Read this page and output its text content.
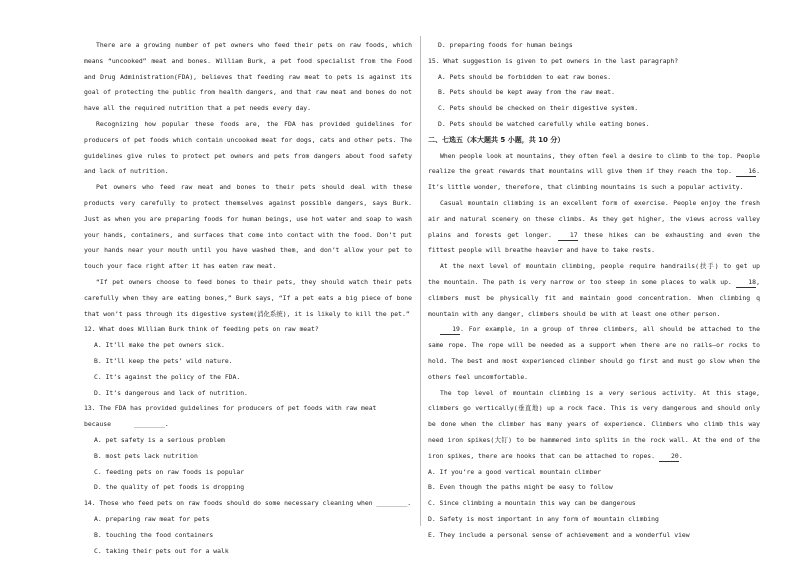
There are a growing number of pet owners who feed their pets on raw foods, which means “uncooked” meat and bones. William Burk, a pet food specialist from the Food and Drug Administration(FDA), believes that feeding raw meat to pets is against its goal of protecting the public from health dangers, and that raw meat and bones do not have all the required nutrition that a pet needs every day.

Recognizing how popular these foods are, the FDA has provided guidelines for producers of pet foods which contain uncooked meat for dogs, cats and other pets. The guidelines give rules to protect pet owners and pets from dangers about food safety and lack of nutrition.

Pet owners who feed raw meat and bones to their pets should deal with these products very carefully to protect themselves against possible dangers, says Burk. Just as when you are preparing foods for human beings, use hot water and soap to wash your hands, containers, and surfaces that come into contact with the food. Don’t put your hands near your mouth until you have washed them, and don’t allow your pet to touch your face right after it has eaten raw meat.

“If pet owners choose to feed bones to their pets, they should watch their pets carefully when they are eating bones,” Burk says, “If a pet eats a big piece of bone that won’t pass through its digestive system(消化系统), it is likely to kill the pet.”

12. What does William Burk think of feeding pets on raw meat?

A. It’ll make the pet owners sick.

B. It’ll keep the pets’ wild nature.

C. It’s against the policy of the FDA.

D. It’s dangerous and lack of nutrition.

13. The FDA has provided guidelines for producers of pet foods with raw meat

because	________.

A. pet safety is a serious problem

B. most pets lack nutrition

C. feeding pets on raw foods is popular

D. the quality of pet foods is dropping

14. Those who feed pets on raw foods should do some necessary cleaning when ________.

A. preparing raw meat for pets

B. touching the food containers

C. taking their pets out for a walk

D. preparing foods for human beings

15. What suggestion is given to pet owners in the last paragraph?

A. Pets should be forbidden to eat raw bones.

B. Pets should be kept away from the raw meat.

C. Pets should be checked on their digestive system.

D. Pets should be watched carefully while eating bones.

二、七选五（本大题共 5 小题，共 10 分）

When people look at mountains, they often feel a desire to climb to the top. People realize the great rewards that mountains will give them if they reach the top.	16. It’s little wonder, therefore, that climbing mountains is such a popular activity.

Casual mountain climbing is an excellent form of exercise. People enjoy the fresh air and natural scenery on these climbs. As they get higher, the views across valley plains and forests get longer.	17 these hikes can be exhausting and even the fittest people will breathe heavier and have to take rests.

At the next level of mountain climbing, people require handrails(扶手) to get up the mountain. The path is very narrow or too steep in some places to walk up.	18, climbers must be physically fit and maintain good concentration. When climbing q mountain with any danger, climbers should be with at least one other person.

19. For example, in a group of three climbers, all should be attached to the same rope. The rope will be needed as a support when there are no rails—or rocks to hold. The best and most experienced climber should go first and must go slow when the others feel uncomfortable.

The top level of mountain climbing is a very serious activity. At this stage, climbers go vertically(垂直地) up a rock face. This is very dangerous and should only be done when the climber has many years of experience. Climbers who climb this way need iron spikes(大钉) to be hammered into splits in the rock wall. At the end of the iron spikes, there are hooks that can be attached to ropes.	20.

A. If you’re a good vertical mountain climber

B. Even though the paths might be easy to follow

C. Since climbing a mountain this way can be dangerous

D. Safety is most important in any form of mountain climbing

E. They include a personal sense of achievement and a wonderful view
